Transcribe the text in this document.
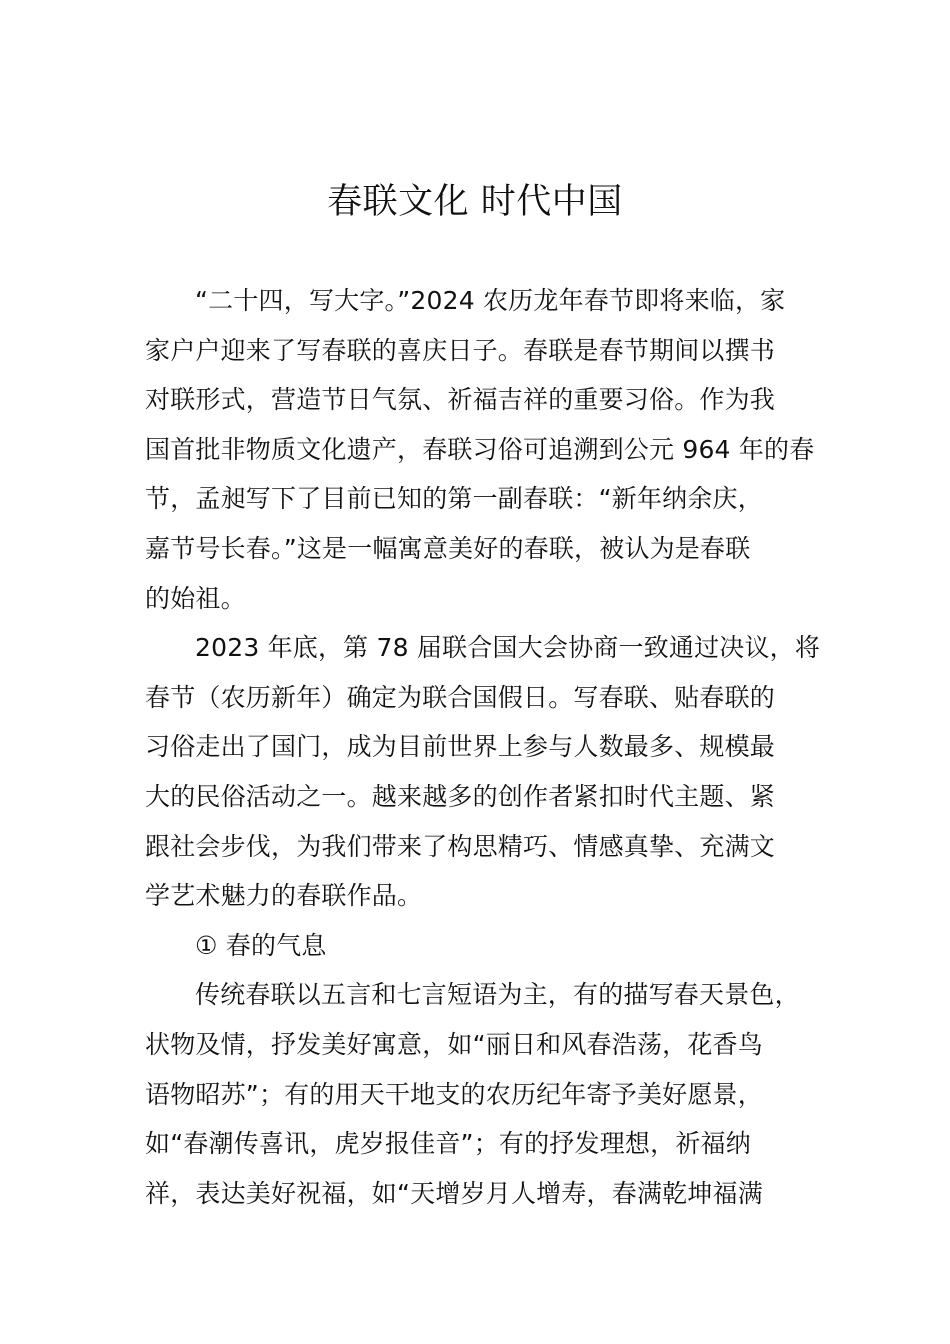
春联文化 时代中国
“二十四，写大字。”2024 农历龙年春节即将来临，家
家户户迎来了写春联的喜庆日子。春联是春节期间以撰书
对联形式，营造节日气氛、祈福吉祥的重要习俗。作为我
国首批非物质文化遗产，春联习俗可追溯到公元 964 年的春
节，孟昶写下了目前已知的第一副春联：“新年纳余庆，
嘉节号长春。”这是一幅寓意美好的春联，被认为是春联
的始祖。
2023 年底，第 78 届联合国大会协商一致通过决议，将
春节（农历新年）确定为联合国假日。写春联、贴春联的
习俗走出了国门，成为目前世界上参与人数最多、规模最
大的民俗活动之一。越来越多的创作者紧扣时代主题、紧
跟社会步伐，为我们带来了构思精巧、情感真挚、充满文
学艺术魅力的春联作品。
① 春的气息
传统春联以五言和七言短语为主，有的描写春天景色，
状物及情，抒发美好寓意，如“丽日和风春浩荡，花香鸟
语物昭苏”；有的用天干地支的农历纪年寄予美好愿景，
如“春潮传喜讯，虎岁报佳音”；有的抒发理想，祈福纳
祥，表达美好祝福，如“天增岁月人增寿，春满乾坤福满
